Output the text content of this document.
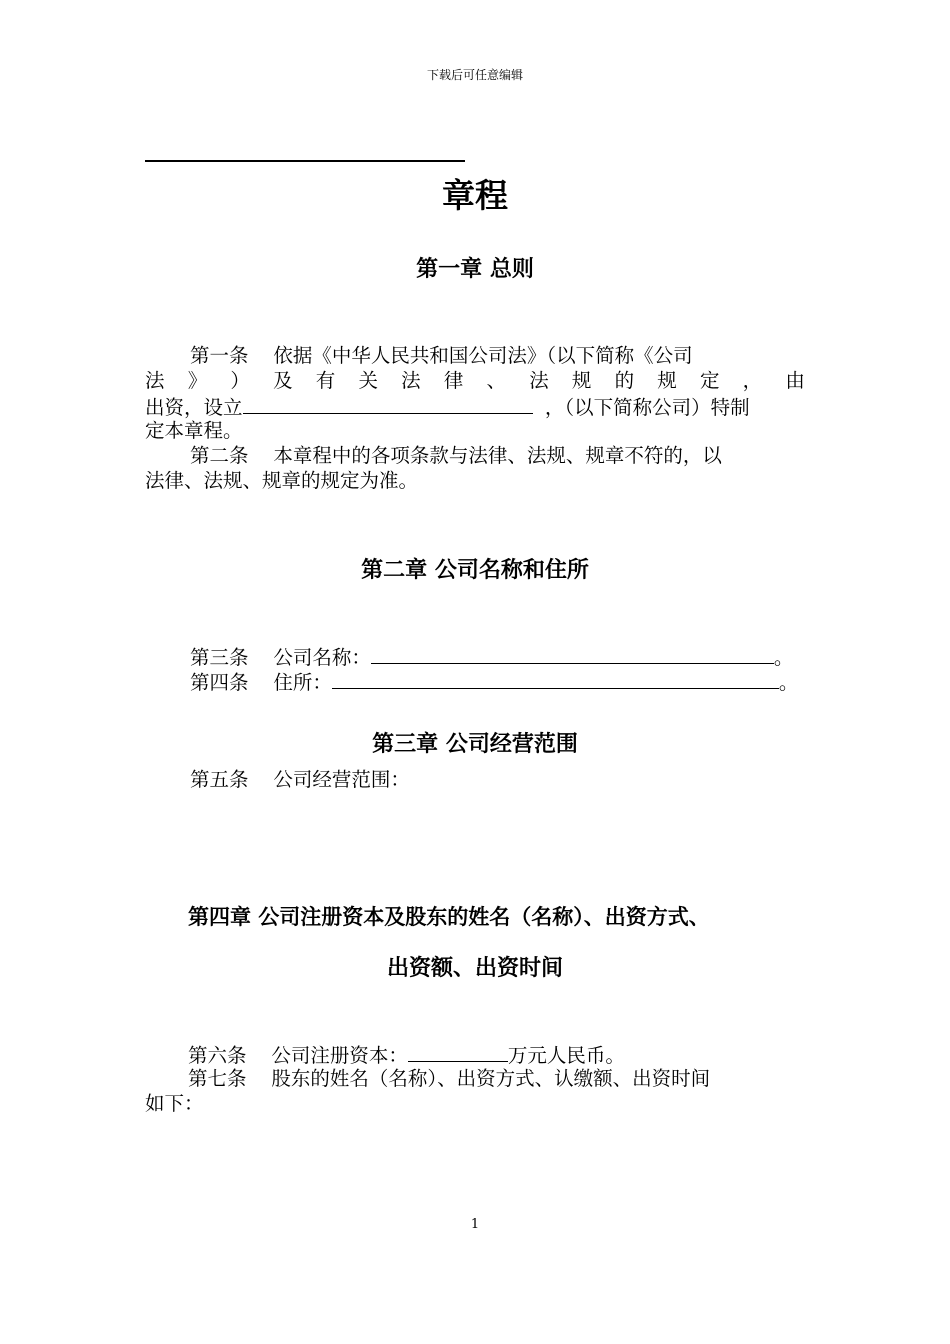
下载后可任意编辑
章程
第一章 总则
第一条 依据《中华人民共和国公司法》（以下简称《公司
法 》 ） 及 有 关 法 律 、 法 规 的 规 定 ， 由
出资，设立	，（以下简称公司）特制
定本章程。
第二条 本章程中的各项条款与法律、法规、规章不符的，以
法律、法规、规章的规定为准。
第二章 公司名称和住所
第三条 公司名称：	。
第四条 住所：	。
第三章 公司经营范围
第五条 公司经营范围：
第四章 公司注册资本及股东的姓名（名称）、出资方式、
出资额、出资时间
第六条 公司注册资本：	万元人民币。
第七条 股东的姓名（名称）、出资方式、认缴额、出资时间
如下：
1
